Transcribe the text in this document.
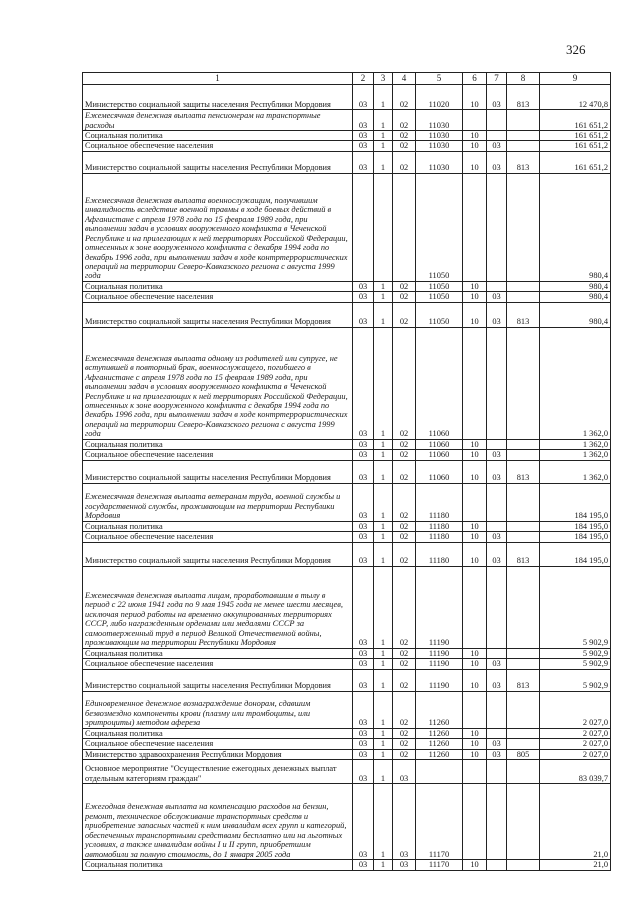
326
1	2	3	4	5	6	7	8	9
Министерство социальной защиты населения Республики Мордовия	03	1	02	11020	10	03	813	12 470,8
Ежемесячная денежная выплата пенсионерам на транспортные расходы	03	1	02	11030				161 651,2
Социальная политика	03	1	02	11030	10			161 651,2
Социальное обеспечение населения	03	1	02	11030	10	03		161 651,2
Министерство социальной защиты населения Республики Мордовия	03	1	02	11030	10	03	813	161 651,2
Ежемесячная денежная выплата военнослужащим, получившим инвалидность вследствие военной травмы в ходе боевых действий в Афганистане с апреля 1978 года по 15 февраля 1989 года, при выполнении задач в условиях вооруженного конфликта в Чеченской Республике и на прилегающих к ней территориях Российской Федерации, отнесенных к зоне вооруженного конфликта с декабря 1994 года по декабрь 1996 года, при выполнении задач в ходе контртеррористических операций на территории Северо-Кавказского региона с августа 1999 года				11050				980,4
Социальная политика	03	1	02	11050	10			980,4
Социальное обеспечение населения	03	1	02	11050	10	03		980,4
Министерство социальной защиты населения Республики Мордовия	03	1	02	11050	10	03	813	980,4
Ежемесячная денежная выплата одному из родителей или супруге, не вступившей в повторный брак, военнослужащего, погибшего в Афганистане с апреля 1978 года по 15 февраля 1989 года, при выполнении задач в условиях вооруженного конфликта в Чеченской Республике и на прилегающих к ней территориях Российской Федерации, отнесенных к зоне вооруженного конфликта с декабря 1994 года по декабрь 1996 года, при выполнении задач в ходе контртеррористических операций на территории Северо-Кавказского региона с августа 1999 года	03	1	02	11060				1 362,0
Социальная политика	03	1	02	11060	10			1 362,0
Социальное обеспечение населения	03	1	02	11060	10	03		1 362,0
Министерство социальной защиты населения Республики Мордовия	03	1	02	11060	10	03	813	1 362,0
Ежемесячная денежная выплата ветеранам труда, военной службы и государственной службы, проживающим на территории Республики Мордовия	03	1	02	11180				184 195,0
Социальная политика	03	1	02	11180	10			184 195,0
Социальное обеспечение населения	03	1	02	11180	10	03		184 195,0
Министерство социальной защиты населения Республики Мордовия	03	1	02	11180	10	03	813	184 195,0
Ежемесячная денежная выплата лицам, проработавшим в тылу в период с 22 июня 1941 года по 9 мая 1945 года не менее шести месяцев, исключая период работы на временно оккупированных территориях СССР, либо награжденным орденами или медалями СССР за самоотверженный труд в период Великой Отечественной войны, проживающим на территории Республики Мордовия	03	1	02	11190				5 902,9
Социальная политика	03	1	02	11190	10			5 902,9
Социальное обеспечение населения	03	1	02	11190	10	03		5 902,9
Министерство социальной защиты населения Республики Мордовия	03	1	02	11190	10	03	813	5 902,9
Единовременное денежное вознаграждение донорам, сдавшим безвозмездно компоненты крови (плазму или тромбоциты, или эритроциты) методом афереза	03	1	02	11260				2 027,0
Социальная политика	03	1	02	11260	10			2 027,0
Социальное обеспечение населения	03	1	02	11260	10	03		2 027,0
Министерство здравоохранения Республики Мордовия	03	1	02	11260	10	03	805	2 027,0
Основное мероприятие "Осуществление ежегодных денежных выплат отдельным категориям граждан"	03	1	03					83 039,7
Ежегодная денежная выплата на компенсацию расходов на бензин, ремонт, техническое обслуживание транспортных средств и приобретение запасных частей к ним инвалидам всех групп и категорий, обеспеченных транспортными средствами бесплатно или на льготных условиях, а также инвалидам войны I и II групп, приобретшим автомобили за полную стоимость, до 1 января 2005 года	03	1	03	11170				21,0
Социальная политика	03	1	03	11170	10			21,0
